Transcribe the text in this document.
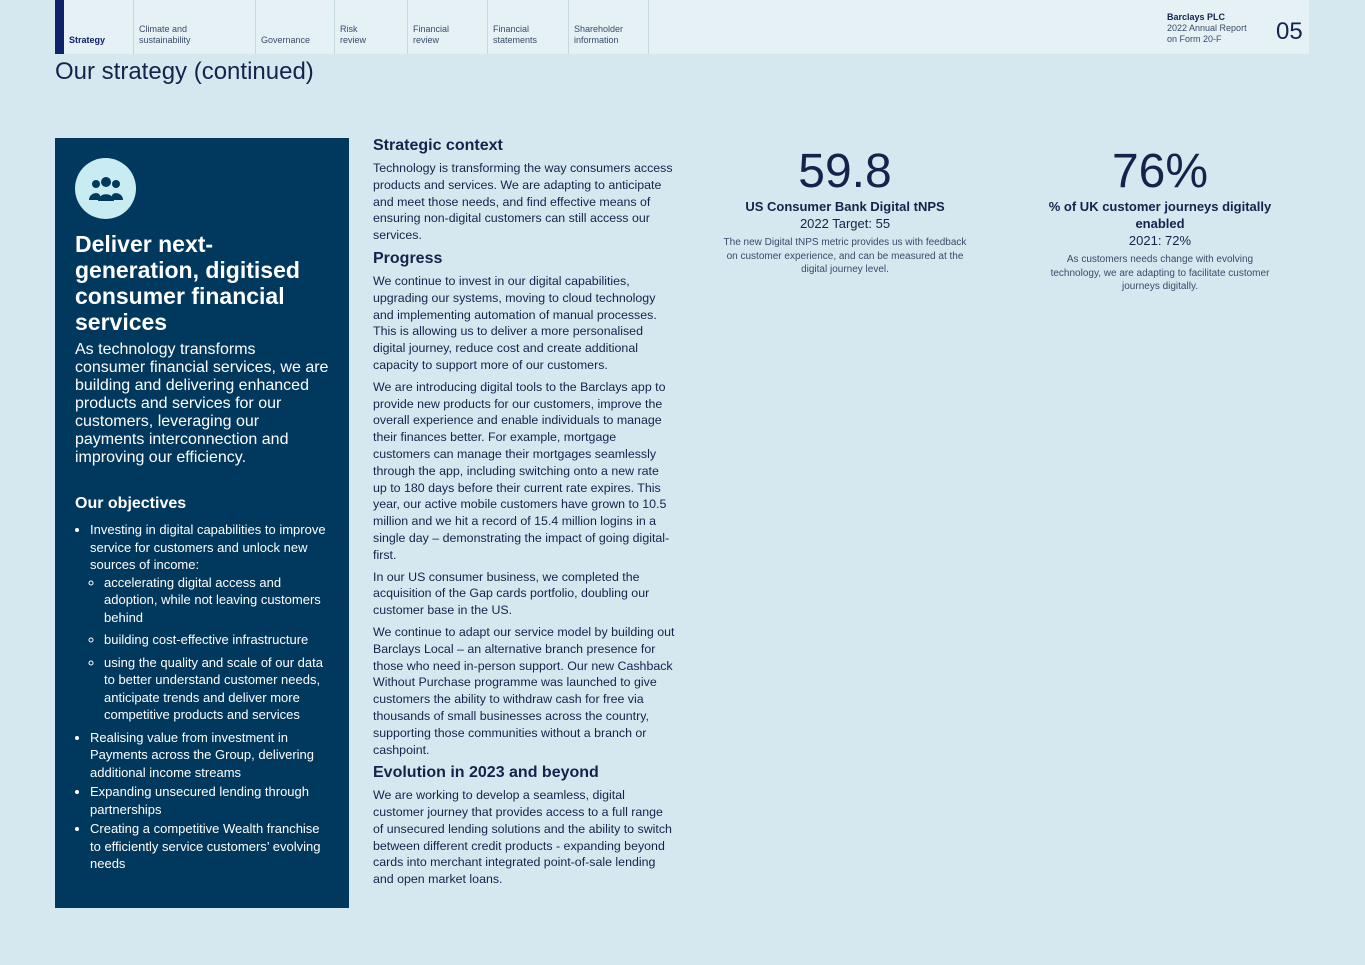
Strategy
Climate and
sustainability	Governance
Risk
review
Financial
review
Financial
statements
Shareholder
information
Barclays PLC
2022 Annual Report
on Form 20-F	05
Our strategy (continued)
Deliver next-generation, digitised consumer financial services

As technology transforms consumer financial services, we are building and delivering enhanced products and services for our customers, leveraging our payments interconnection and improving our efficiency.

Our objectives
• Investing in digital capabilities to improve service for customers and unlock new sources of income:
◦ accelerating digital access and adoption, while not leaving customers behind
◦ building cost-effective infrastructure
◦ using the quality and scale of our data to better understand customer needs, anticipate trends and deliver more competitive products and services
• Realising value from investment in Payments across the Group, delivering additional income streams
• Expanding unsecured lending through partnerships
• Creating a competitive Wealth franchise to efficiently service customers’ evolving needs
Strategic context

Technology is transforming the way consumers access products and services. We are adapting to anticipate and meet those needs, and find effective means of ensuring non-digital customers can still access our services.

Progress

We continue to invest in our digital capabilities, upgrading our systems, moving to cloud technology and implementing automation of manual processes. This is allowing us to deliver a more personalised digital journey, reduce cost and create additional capacity to support more of our customers.

We are introducing digital tools to the Barclays app to provide new products for our customers, improve the overall experience and enable individuals to manage their finances better. For example, mortgage customers can manage their mortgages seamlessly through the app, including switching onto a new rate up to 180 days before their current rate expires. This year, our active mobile customers have grown to 10.5 million and we hit a record of 15.4 million logins in a single day – demonstrating the impact of going digital-first.

In our US consumer business, we completed the acquisition of the Gap cards portfolio, doubling our customer base in the US.

We continue to adapt our service model by building out Barclays Local – an alternative branch presence for those who need in-person support. Our new Cashback Without Purchase programme was launched to give customers the ability to withdraw cash for free via thousands of small businesses across the country, supporting those communities without a branch or cashpoint.

Evolution in 2023 and beyond

We are working to develop a seamless, digital customer journey that provides access to a full range of unsecured lending solutions and the ability to switch between different credit products - expanding beyond cards into merchant integrated point-of-sale lending and open market loans.

59.8
US Consumer Bank Digital tNPS
2022 Target: 55
The new Digital tNPS metric provides us with feedback on customer experience, and can be measured at the digital journey level.
76%
% of UK customer journeys digitally enabled
2021: 72%
As customers needs change with evolving technology, we are adapting to facilitate customer journeys digitally.
